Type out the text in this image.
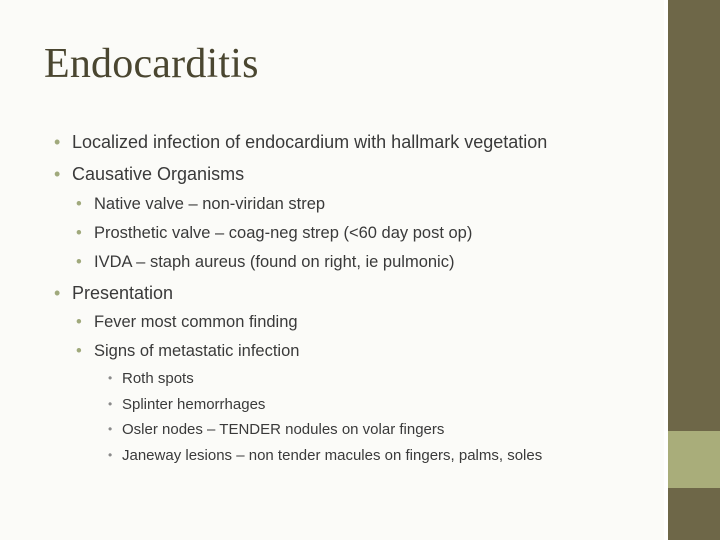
Endocarditis
• Localized infection of endocardium with hallmark vegetation
• Causative Organisms
• Native valve – non-viridan strep
• Prosthetic valve – coag-neg strep (<60 day post op)
• IVDA – staph aureus (found on right, ie pulmonic)
• Presentation
• Fever most common finding
• Signs of metastatic infection
• Roth spots
• Splinter hemorrhages
• Osler nodes – TENDER nodules on volar fingers
• Janeway lesions – non tender macules on fingers, palms, soles
